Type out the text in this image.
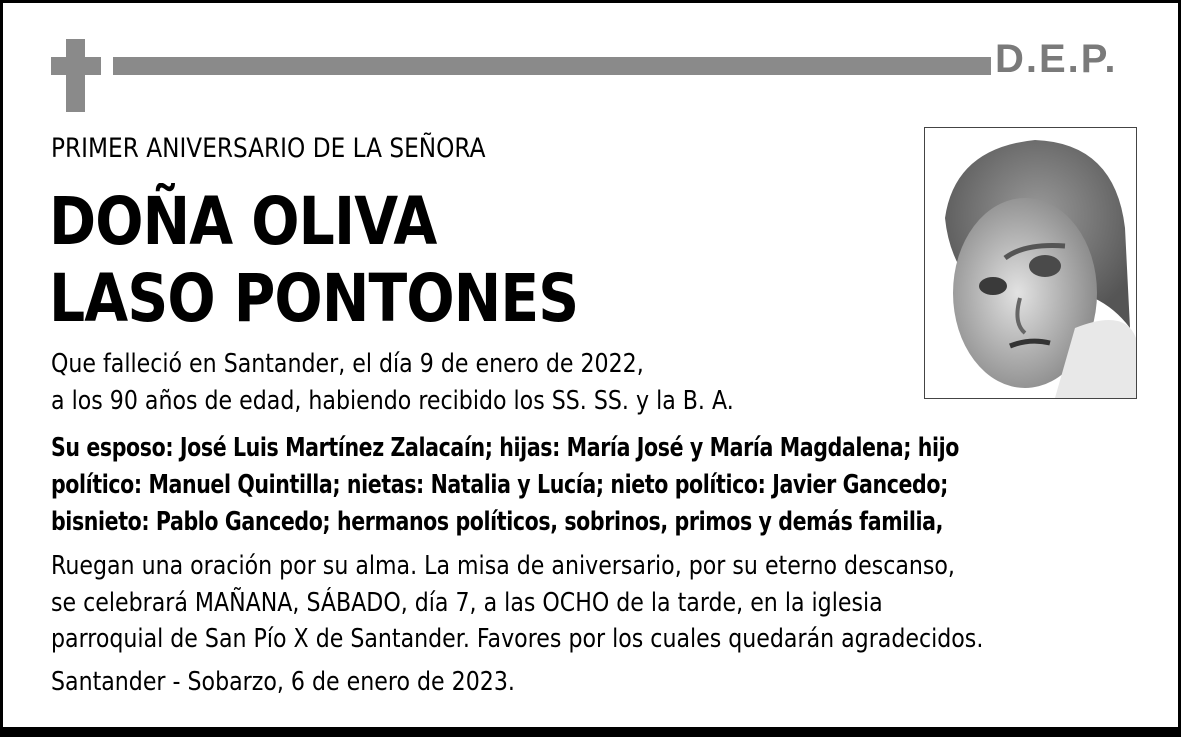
D.E.P.
PRIMER ANIVERSARIO DE LA SEÑORA
DOÑA OLIVA
LASO PONTONES
Que falleció en Santander, el día 9 de enero de 2022,
a los 90 años de edad, habiendo recibido los SS. SS. y la B. A.
Su esposo: José Luis Martínez Zalacaín; hijas: María José y María Magdalena; hijo
político: Manuel Quintilla; nietas: Natalia y Lucía; nieto político: Javier Gancedo;
bisnieto: Pablo Gancedo; hermanos políticos, sobrinos, primos y demás familia,
Ruegan una oración por su alma. La misa de aniversario, por su eterno descanso,
se celebrará MAÑANA, SÁBADO, día 7, a las OCHO de la tarde, en la iglesia
parroquial de San Pío X de Santander. Favores por los cuales quedarán agradecidos.
Santander - Sobarzo, 6 de enero de 2023.
